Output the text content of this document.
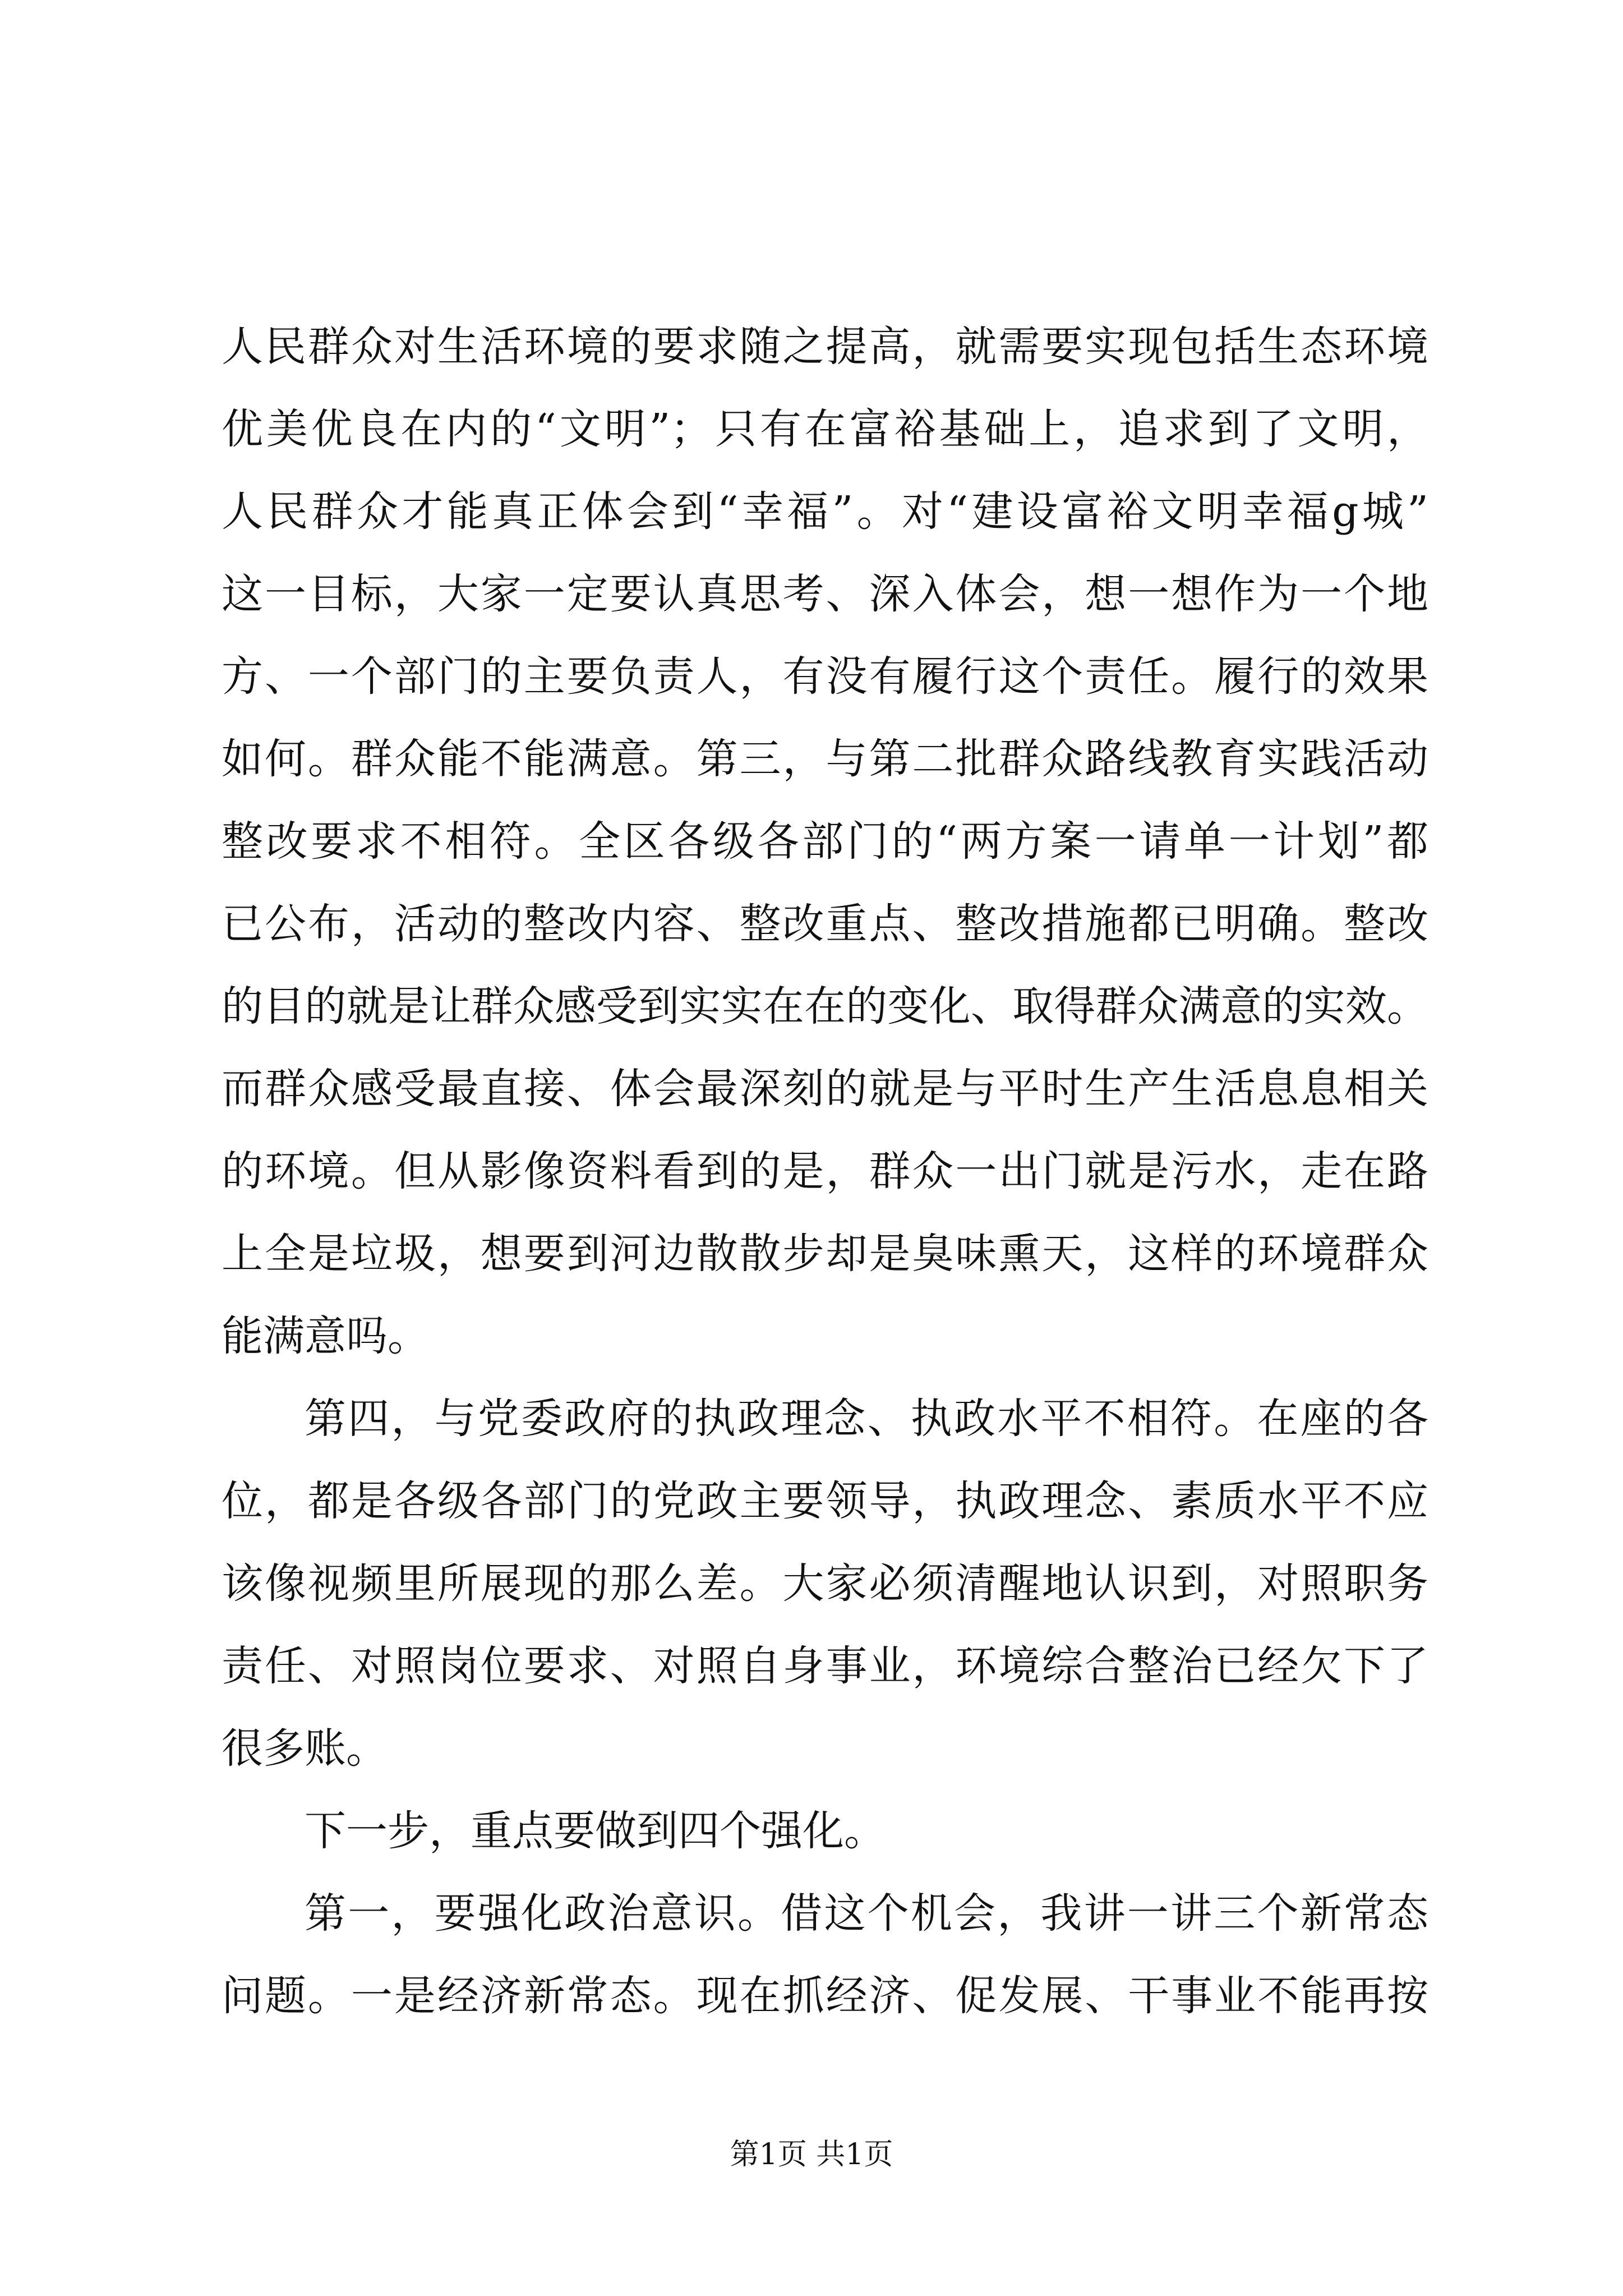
人民群众对生活环境的要求随之提高，就需要实现包括生态环境
优美优良在内的“文明”；只有在富裕基础上，追求到了文明，
人民群众才能真正体会到“幸福”。对“建设富裕文明幸福g城”
这一目标，大家一定要认真思考、深入体会，想一想作为一个地
方、一个部门的主要负责人，有没有履行这个责任。履行的效果
如何。群众能不能满意。第三，与第二批群众路线教育实践活动
整改要求不相符。全区各级各部门的“两方案一请单一计划”都
已公布，活动的整改内容、整改重点、整改措施都已明确。整改
的目的就是让群众感受到实实在在的变化、取得群众满意的实效。
而群众感受最直接、体会最深刻的就是与平时生产生活息息相关
的环境。但从影像资料看到的是，群众一出门就是污水，走在路
上全是垃圾，想要到河边散散步却是臭味熏天，这样的环境群众
能满意吗。
第四，与党委政府的执政理念、执政水平不相符。在座的各
位，都是各级各部门的党政主要领导，执政理念、素质水平不应
该像视频里所展现的那么差。大家必须清醒地认识到，对照职务
责任、对照岗位要求、对照自身事业，环境综合整治已经欠下了
很多账。
下一步，重点要做到四个强化。
第一，要强化政治意识。借这个机会，我讲一讲三个新常态
问题。一是经济新常态。现在抓经济、促发展、干事业不能再按
第1页 共1页
